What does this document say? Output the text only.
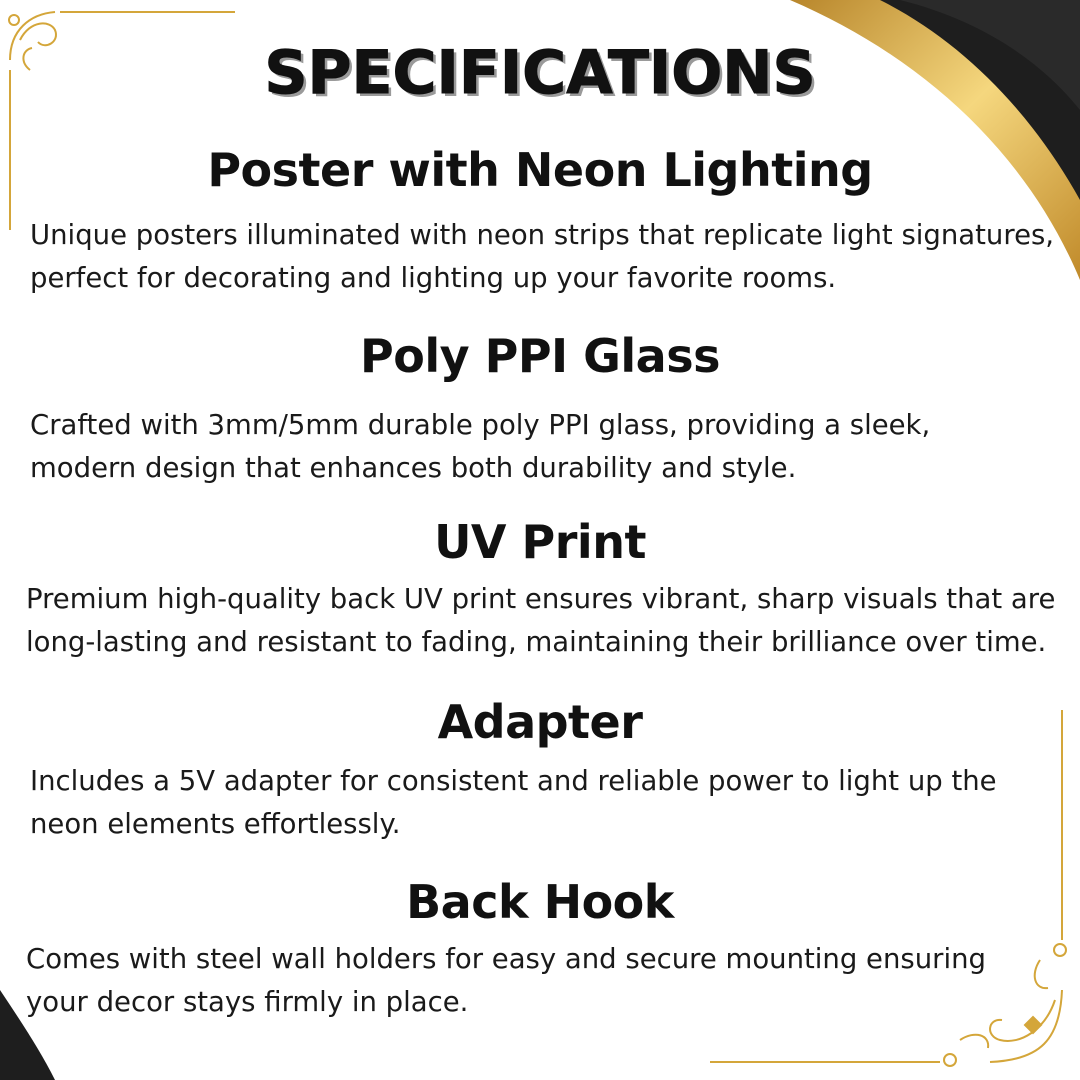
SPECIFICATIONS
Poster with Neon Lighting

Unique posters illuminated with neon strips that replicate light signatures, perfect for decorating and lighting up your favorite rooms.

Poly PPI Glass

Crafted with 3mm/5mm durable poly PPI glass, providing a sleek, modern design that enhances both durability and style.

UV Print

Premium high-quality back UV print ensures vibrant, sharp visuals that are long-lasting and resistant to fading, maintaining their brilliance over time.

Adapter

Includes a 5V adapter for consistent and reliable power to light up the neon elements effortlessly.

Back Hook

Comes with steel wall holders for easy and secure mounting ensuring your decor stays firmly in place.
